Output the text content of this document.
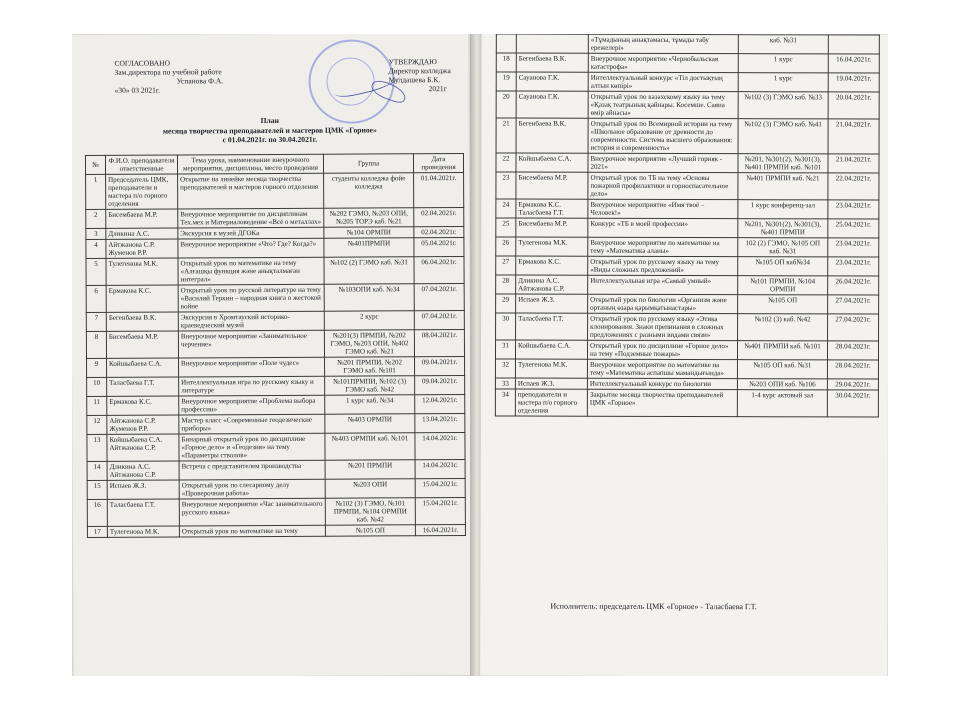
СОГЛАСОВАНО
Зам.директора по учебной работе
Успанова Ф.А.
«30» 03 2021г.
УТВЕРЖДАЮ
Директор колледжа
Мулдашева Б.К.
2021г
План
месяца творчества преподавателей и мастеров ЦМК «Горное»
с 01.04.2021г. по 30.04.2021г.
№	Ф.И.О. преподавателя ответственные	Тема урока, наименование внеурочного мероприятия, дисциплина, место проведения	Группа	Дата проведения
1	Председатель ЦМК, преподаватели и мастера п/о горного отделения	Открытие на линейке месяца творчества преподавателей и мастеров горного отделения	студенты колледжа фойе колледжа	01.04.2021г.
2	Бисембаева М.Р.	Внеурочное мероприятие по дисциплинам Тех.мех и Материаловедение «Всё о металлах»	№202 ГЭМО, №203 ОПИ, №205 ТОРЭ каб. №21	02.04.2021г.
3	Дликина А.С.	Экскурсия в музей ДГОКа	№104 ОРМПИ	02.04.2021г.
4	Айтжанова С.Р. Жуменов Р.Р.	Внеурочное мероприятие «Что? Где? Когда?»	№401ПРМПИ	05.04.2021г.
5	Тулегенова М.К.	Открытый урок по математике на тему «Алғашқы функция және анықталмаған интеграл»	№102 (2) ГЭМО каб. №31	06.04.2021г.
6	Ермакова К.С.	Открытый урок по русской литературе на тему «Василий Теркин – народная книга о жестокой войне	№103ОПИ каб. №34	07.04.2021г.
7	Бегенбаева В.К.	Экскурсия в Хромтауский историко-краеведческий музей	2 курс	07.04.2021г.
8	Бисембаева М.Р.	Внеурочное мероприятие «Занимательное черчение»	№201(3) ПРМПИ, №202 ГЭМО, №203 ОПИ, №402 ГЭМО каб. №21	08.04.2021г.
9	Койшыбаева С.А.	Внеурочное мероприятие «Поле чудес»	№201 ПРМПИ, №202 ГЭМО каб. №101	09.04.2021г.
10	Таласбаева Г.Т.	Интеллектуальная игра по русскому языку и литературе	№101ПРМПИ, №102 (3) ГЭМО каб. №42	09.04.2021г.
11	Ермакова К.С.	Внеурочное мероприятие «Проблема выбора профессии»	1 курс каб. №34	12.04.2021г.
12	Айтжанова С.Р. Жуменов Р.Р.	Мастер класс «Современные геодезические приборы»	№403 ОРМПИ	13.04.2021г.
13	Койшыбаева С.А. Айтжанова С.Р.	Бинарный открытый урок по дисциплине «Горное дело» и «Геодезия» на тему «Параметры стволов»	№403 ОРМПИ каб. №101	14.04.2021г.
14	Дликина А.С. Айтжанова С.Р.	Встреча с представителем производства	№201 ПРМПИ	14.04.2021г.
15	Испаев Ж.З.	Открытый урок по слесарному делу «Проверочная работа»	№203 ОПИ	15.04.2021г.
16	Таласбаева Г.Т.	Внеурочное мероприятие «Час занимательного русского языка»	№102 (3) ГЭМО, №101 ПРМПИ, №104 ОРМПИ каб. №42	15.04.2021г.
17	Тулегенова М.К.	Открытый урок по математике на тему	№105 ОП	16.04.2021г.
		«Тұмадының анықтамасы, тұмады табу ережелері»	каб. №31	
18	Бегенбаева В.К.	Внеурочное мероприятие «Чернобыльская катастрофа»	1 курс	16.04.2021г.
19	Сауанова Г.К.	Интеллектуальный конкурс «Тіл достықтың алтын көпірі»	1 курс	19.04.2021г.
20	Сауанова Г.К.	Открытый урок по казахскому языку на тему «Қазақ театрының қайнары. Косемше. Саяна өмір айнасы»	№102 (3) ГЭМО каб. №33	20.04.2021г.
21	Бегенбаева В.К.	Открытый урок по Всемирной истории на тему «Школьное образование от древности до современности. Система высшего образования: история и современность»	№102 (3) ГЭМО каб. №41	21.04.2021г.
22	Койшыбаева С.А.	Внеурочное мероприятие «Лучший горняк - 2021»	№201, №301(2), №301(3), №401 ПРМПИ каб. №101	21.04.2021г.
23	Бисембаева М.Р.	Открытый урок по ТБ на тему «Основы пожарной профилактики и горноспасательное дело»	№401 ПРМПИ каб. №21	22.04.2021г.
24	Ермакова К.С. Таласбаева Г.Т.	Внеурочное мероприятие «Имя твоё – Человек!»	1 курс конференц-зал	23.04.2021г.
25	Бисембаева М.Р.	Конкурс «ТБ в моей профессии»	№201, №301(2), №301(3), №401 ПРМПИ	25.04.2021г.
26	Тулегенова М.К.	Внеурочное мероприятие по математике на тему «Математика аланы»	102 (2) ГЭМО, №105 ОП каб. №31	23.04.2021г.
27	Ермакова К.С.	Открытый урок по русскому языку на тему «Виды сложных предложений»	№105 ОП каб№34	23.04.2021г.
28	Дликина А.С. Айтжанова С.Р.	Интеллектуальная игра «Самый умный»	№101 ПРМПИ, №104 ОРМПИ	26.04.2021г.
29	Испаев Ж.З.	Открытый урок по биологии «Организм және ортаның өзара қарымқатынастары»	№105 ОП	27.04.2021г.
30	Таласбаева Г.Т.	Открытый урок по русскому языку «Этика клонирования. Знаки препинания в сложных предложениях с разными видами связи»	№102 (3) каб. №42	27.04.2021г.
31	Койшыбаева С.А.	Открытый урок по дисциплине «Горное дело» на тему «Подземные пожары»	№401 ПРМПИ каб. №101	28.04.2021г.
32	Тулегенова М.К.	Внеурочное мероприятие по математике на тему «Математика аспапшы мамандығында»	№105 ОП каб. №31	28.04.2021г.
33	Испаев Ж.З.	Интеллектуальный конкурс по биологии	№203 ОПИ каб. №106	29.04.2021г.
34	преподаватели и мастера п/о горного отделения	Закрытие месяца творчества преподавателей ЦМК «Горное»	1-4 курс актовый зал	30.04.2021г.
Исполнитель: председатель ЦМК «Горное» - Таласбаева Г.Т.
